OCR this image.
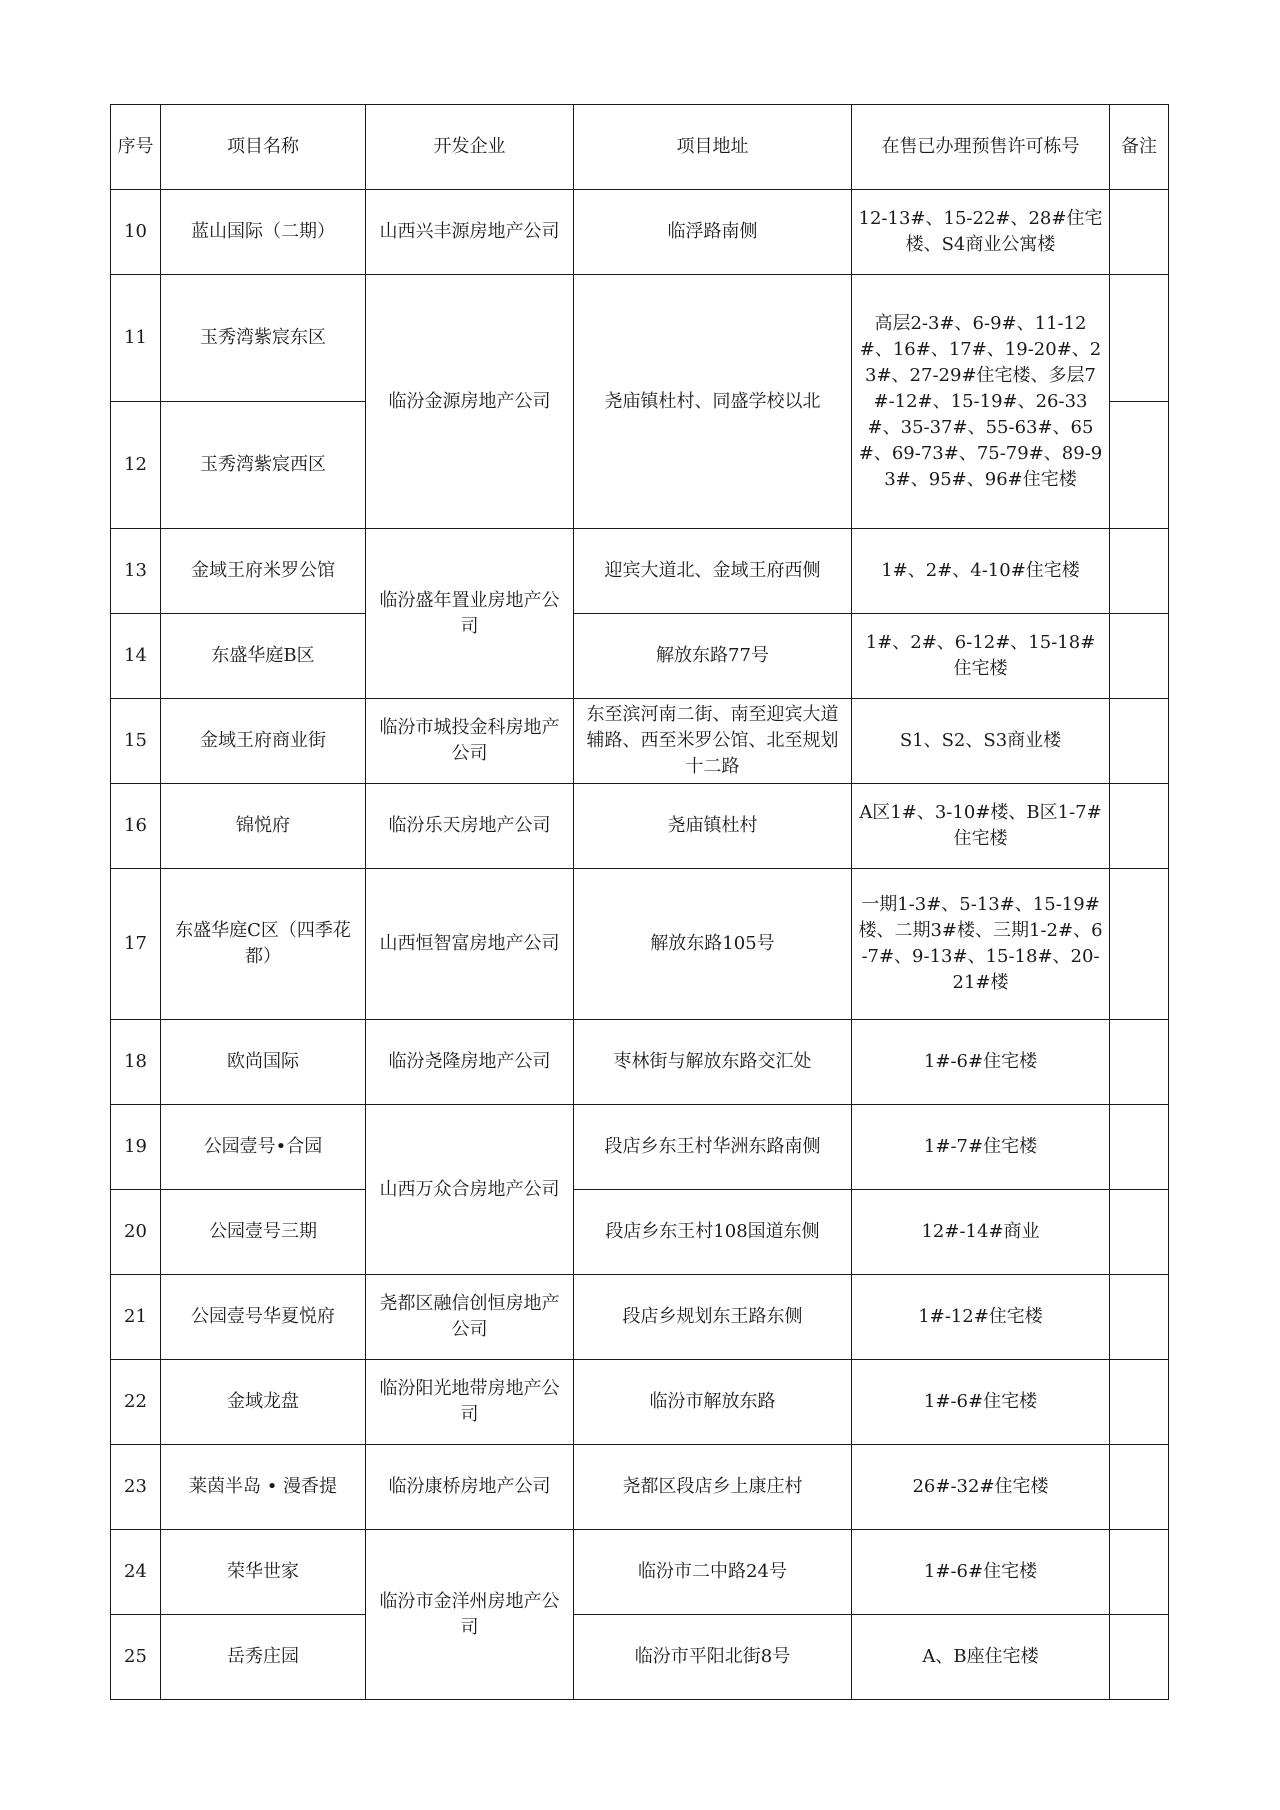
序号	项目名称	开发企业	项目地址	在售已办理预售许可栋号	备注
10	蓝山国际（二期）	山西兴丰源房地产公司	临浮路南侧	12-13#、15-22#、28#住宅楼、S4商业公寓楼	
11	玉秀湾紫宸东区	临汾金源房地产公司	尧庙镇杜村、同盛学校以北	高层2-3#、6-9#、11-12#、16#、17#、19-20#、23#、27-29#住宅楼、多层7#-12#、15-19#、26-33#、35-37#、55-63#、65#、69-73#、75-79#、89-93#、95#、96#住宅楼	
12	玉秀湾紫宸西区				
13	金域王府米罗公馆	临汾盛年置业房地产公司	迎宾大道北、金域王府西侧	1#、2#、4-10#住宅楼	
14	东盛华庭B区		解放东路77号	1#、2#、6-12#、15-18#住宅楼	
15	金域王府商业街	临汾市城投金科房地产公司	东至滨河南二街、南至迎宾大道辅路、西至米罗公馆、北至规划十二路	S1、S2、S3商业楼	
16	锦悦府	临汾乐天房地产公司	尧庙镇杜村	A区1#、3-10#楼、B区1-7#住宅楼	
17	东盛华庭C区（四季花都）	山西恒智富房地产公司	解放东路105号	一期1-3#、5-13#、15-19#楼、二期3#楼、三期1-2#、6-7#、9-13#、15-18#、20-21#楼	
18	欧尚国际	临汾尧隆房地产公司	枣林街与解放东路交汇处	1#-6#住宅楼	
19	公园壹号•合园	山西万众合房地产公司	段店乡东王村华洲东路南侧	1#-7#住宅楼	
20	公园壹号三期		段店乡东王村108国道东侧	12#-14#商业	
21	公园壹号华夏悦府	尧都区融信创恒房地产公司	段店乡规划东王路东侧	1#-12#住宅楼	
22	金域龙盘	临汾阳光地带房地产公司	临汾市解放东路	1#-6#住宅楼	
23	莱茵半岛 • 漫香提	临汾康桥房地产公司	尧都区段店乡上康庄村	26#-32#住宅楼	
24	荣华世家	临汾市金洋州房地产公司	临汾市二中路24号	1#-6#住宅楼	
25	岳秀庄园		临汾市平阳北街8号	A、B座住宅楼	
